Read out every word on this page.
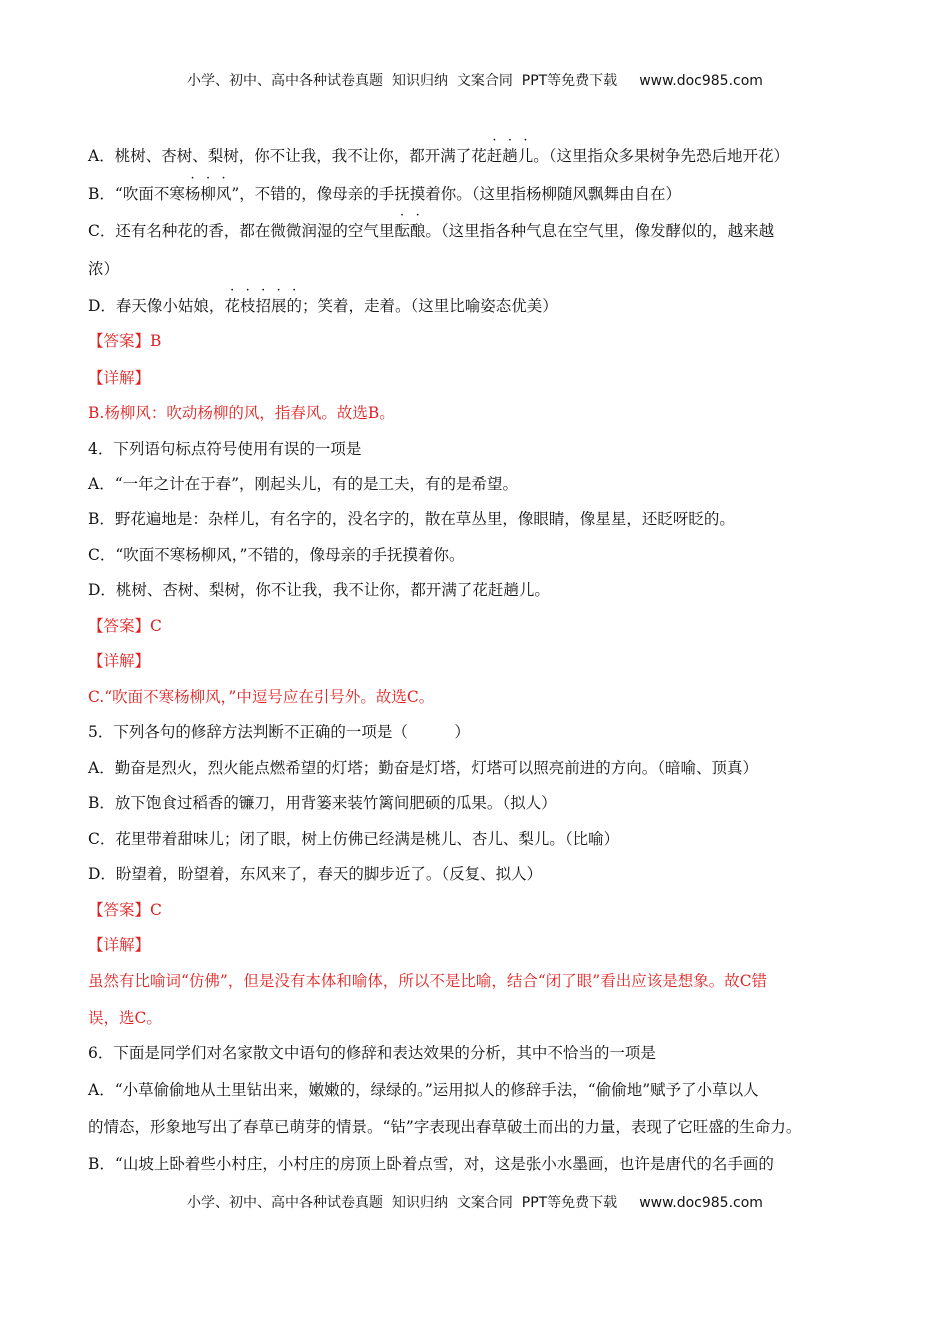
小学、初中、高中各种试卷真题  知识归纳  文案合同  PPT等免费下载 www.doc985.com
A．桃树、杏树、梨树，你不让我，我不让你，都开满了花赶趟儿。（这里指众多果树争先恐后地开花）
B．“吹面不寒杨柳风”，不错的，像母亲的手抚摸着你。（这里指杨柳随风飘舞由自在）
C．还有名种花的香，都在微微润湿的空气里酝酿。（这里指各种气息在空气里，像发酵似的，越来越
浓）
D．春天像小姑娘，花枝招展的；笑着，走着。（这里比喻姿态优美）
【答案】B
【详解】
B.杨柳风：吹动杨柳的风，指春风。故选B。
4．下列语句标点符号使用有误的一项是
A．“一年之计在于春”，刚起头儿，有的是工夫，有的是希望。
B．野花遍地是：杂样儿，有名字的，没名字的，散在草丛里，像眼睛，像星星，还眨呀眨的。
C．“吹面不寒杨柳风，”不错的，像母亲的手抚摸着你。
D．桃树、杏树、梨树，你不让我，我不让你，都开满了花赶趟儿。
【答案】C
【详解】
C.“吹面不寒杨柳风，”中逗号应在引号外。故选C。
5．下列各句的修辞方法判断不正确的一项是（　　　）
A．勤奋是烈火，烈火能点燃希望的灯塔；勤奋是灯塔，灯塔可以照亮前进的方向。（暗喻、顶真）
B．放下饱食过稻香的镰刀，用背篓来装竹篱间肥硕的瓜果。（拟人）
C．花里带着甜味儿；闭了眼，树上仿佛已经满是桃儿、杏儿、梨儿。（比喻）
D．盼望着，盼望着，东风来了，春天的脚步近了。（反复、拟人）
【答案】C
【详解】
虽然有比喻词“仿佛”，但是没有本体和喻体，所以不是比喻，结合“闭了眼”看出应该是想象。故C错
误，选C。
6．下面是同学们对名家散文中语句的修辞和表达效果的分析，其中不恰当的一项是
A．“小草偷偷地从土里钻出来，嫩嫩的，绿绿的。”运用拟人的修辞手法，“偷偷地”赋予了小草以人
的情态，形象地写出了春草已萌芽的情景。“钻”字表现出春草破土而出的力量，表现了它旺盛的生命力。
B．“山坡上卧着些小村庄，小村庄的房顶上卧着点雪，对，这是张小水墨画，也许是唐代的名手画的
小学、初中、高中各种试卷真题  知识归纳  文案合同  PPT等免费下载 www.doc985.com
